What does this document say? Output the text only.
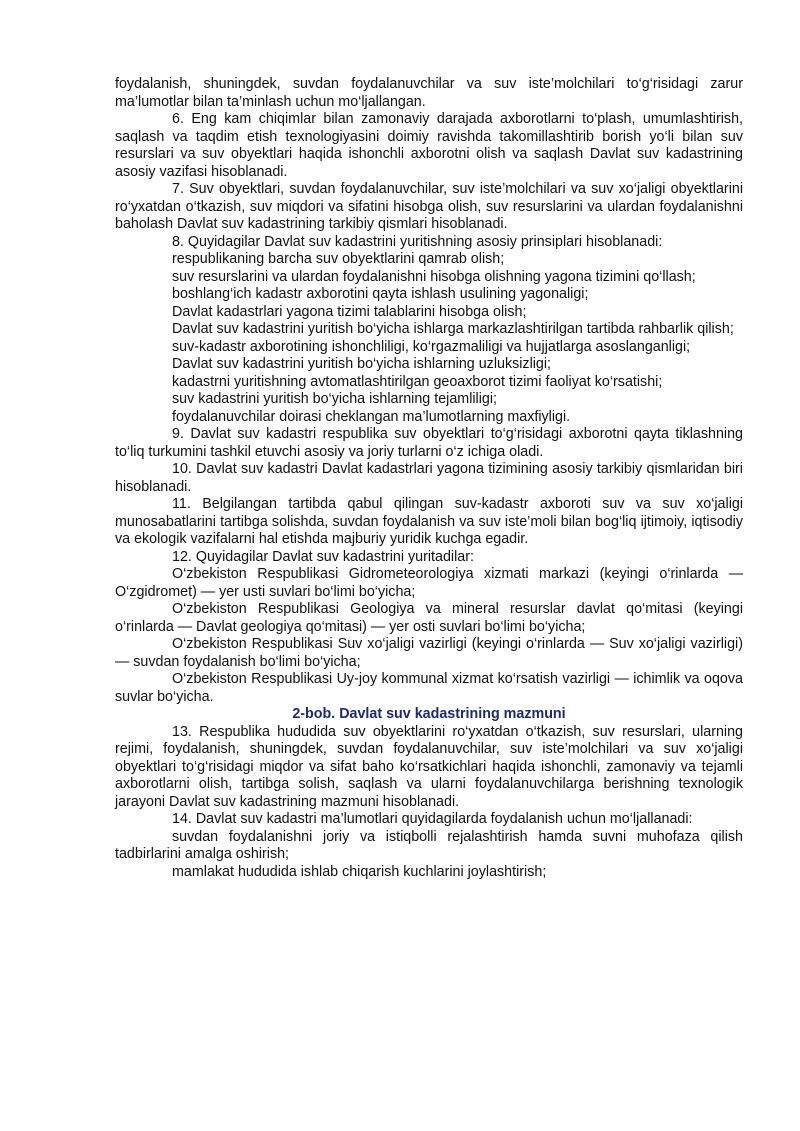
foydalanish, shuningdek, suvdan foydalanuvchilar va suv iste’molchilari to‘g‘risidagi zarur ma’lumotlar bilan ta’minlash uchun mo‘ljallangan.

6. Eng kam chiqimlar bilan zamonaviy darajada axborotlarni to‘plash, umumlashtirish, saqlash va taqdim etish texnologiyasini doimiy ravishda takomillashtirib borish yo‘li bilan suv resurslari va suv obyektlari haqida ishonchli axborotni olish va saqlash Davlat suv kadastrining asosiy vazifasi hisoblanadi.

7. Suv obyektlari, suvdan foydalanuvchilar, suv iste’molchilari va suv xo‘jaligi obyektlarini ro‘yxatdan o‘tkazish, suv miqdori va sifatini hisobga olish, suv resurslarini va ulardan foydalanishni baholash Davlat suv kadastrining tarkibiy qismlari hisoblanadi.

8. Quyidagilar Davlat suv kadastrini yuritishning asosiy prinsiplari hisoblanadi:

respublikaning barcha suv obyektlarini qamrab olish;

suv resurslarini va ulardan foydalanishni hisobga olishning yagona tizimini qo‘llash;

boshlang‘ich kadastr axborotini qayta ishlash usulining yagonaligi;

Davlat kadastrlari yagona tizimi talablarini hisobga olish;

Davlat suv kadastrini yuritish bo‘yicha ishlarga markazlashtirilgan tartibda rahbarlik qilish;

suv-kadastr axborotining ishonchliligi, ko‘rgazmaliligi va hujjatlarga asoslanganligi;

Davlat suv kadastrini yuritish bo‘yicha ishlarning uzluksizligi;

kadastrni yuritishning avtomatlashtirilgan geoaxborot tizimi faoliyat ko‘rsatishi;

suv kadastrini yuritish bo‘yicha ishlarning tejamliligi;

foydalanuvchilar doirasi cheklangan ma’lumotlarning maxfiyligi.

9. Davlat suv kadastri respublika suv obyektlari to‘g‘risidagi axborotni qayta tiklashning to‘liq turkumini tashkil etuvchi asosiy va joriy turlarni o‘z ichiga oladi.

10. Davlat suv kadastri Davlat kadastrlari yagona tizimining asosiy tarkibiy qismlaridan biri hisoblanadi.

11. Belgilangan tartibda qabul qilingan suv-kadastr axboroti suv va suv xo‘jaligi munosabatlarini tartibga solishda, suvdan foydalanish va suv iste’moli bilan bog‘liq ijtimoiy, iqtisodiy va ekologik vazifalarni hal etishda majburiy yuridik kuchga egadir.

12. Quyidagilar Davlat suv kadastrini yuritadilar:

O‘zbekiston Respublikasi Gidrometeorologiya xizmati markazi (keyingi o‘rinlarda — O‘zgidromet) — yer usti suvlari bo‘limi bo‘yicha;

O‘zbekiston Respublikasi Geologiya va mineral resurslar davlat qo‘mitasi (keyingi o‘rinlarda — Davlat geologiya qo‘mitasi) — yer osti suvlari bo‘limi bo‘yicha;

O‘zbekiston Respublikasi Suv xo‘jaligi vazirligi (keyingi o‘rinlarda — Suv xo‘jaligi vazirligi) — suvdan foydalanish bo‘limi bo‘yicha;

O‘zbekiston Respublikasi Uy-joy kommunal xizmat ko‘rsatish vazirligi — ichimlik va oqova suvlar bo‘yicha.

2-bob. Davlat suv kadastrining mazmuni

13. Respublika hududida suv obyektlarini ro‘yxatdan o‘tkazish, suv resurslari, ularning rejimi, foydalanish, shuningdek, suvdan foydalanuvchilar, suv iste’molchilari va suv xo‘jaligi obyektlari to‘g‘risidagi miqdor va sifat baho ko‘rsatkichlari haqida ishonchli, zamonaviy va tejamli axborotlarni olish, tartibga solish, saqlash va ularni foydalanuvchilarga berishning texnologik jarayoni Davlat suv kadastrining mazmuni hisoblanadi.

14. Davlat suv kadastri ma’lumotlari quyidagilarda foydalanish uchun mo‘ljallanadi:

suvdan foydalanishni joriy va istiqbolli rejalashtirish hamda suvni muhofaza qilish tadbirlarini amalga oshirish;

mamlakat hududida ishlab chiqarish kuchlarini joylashtirish;
